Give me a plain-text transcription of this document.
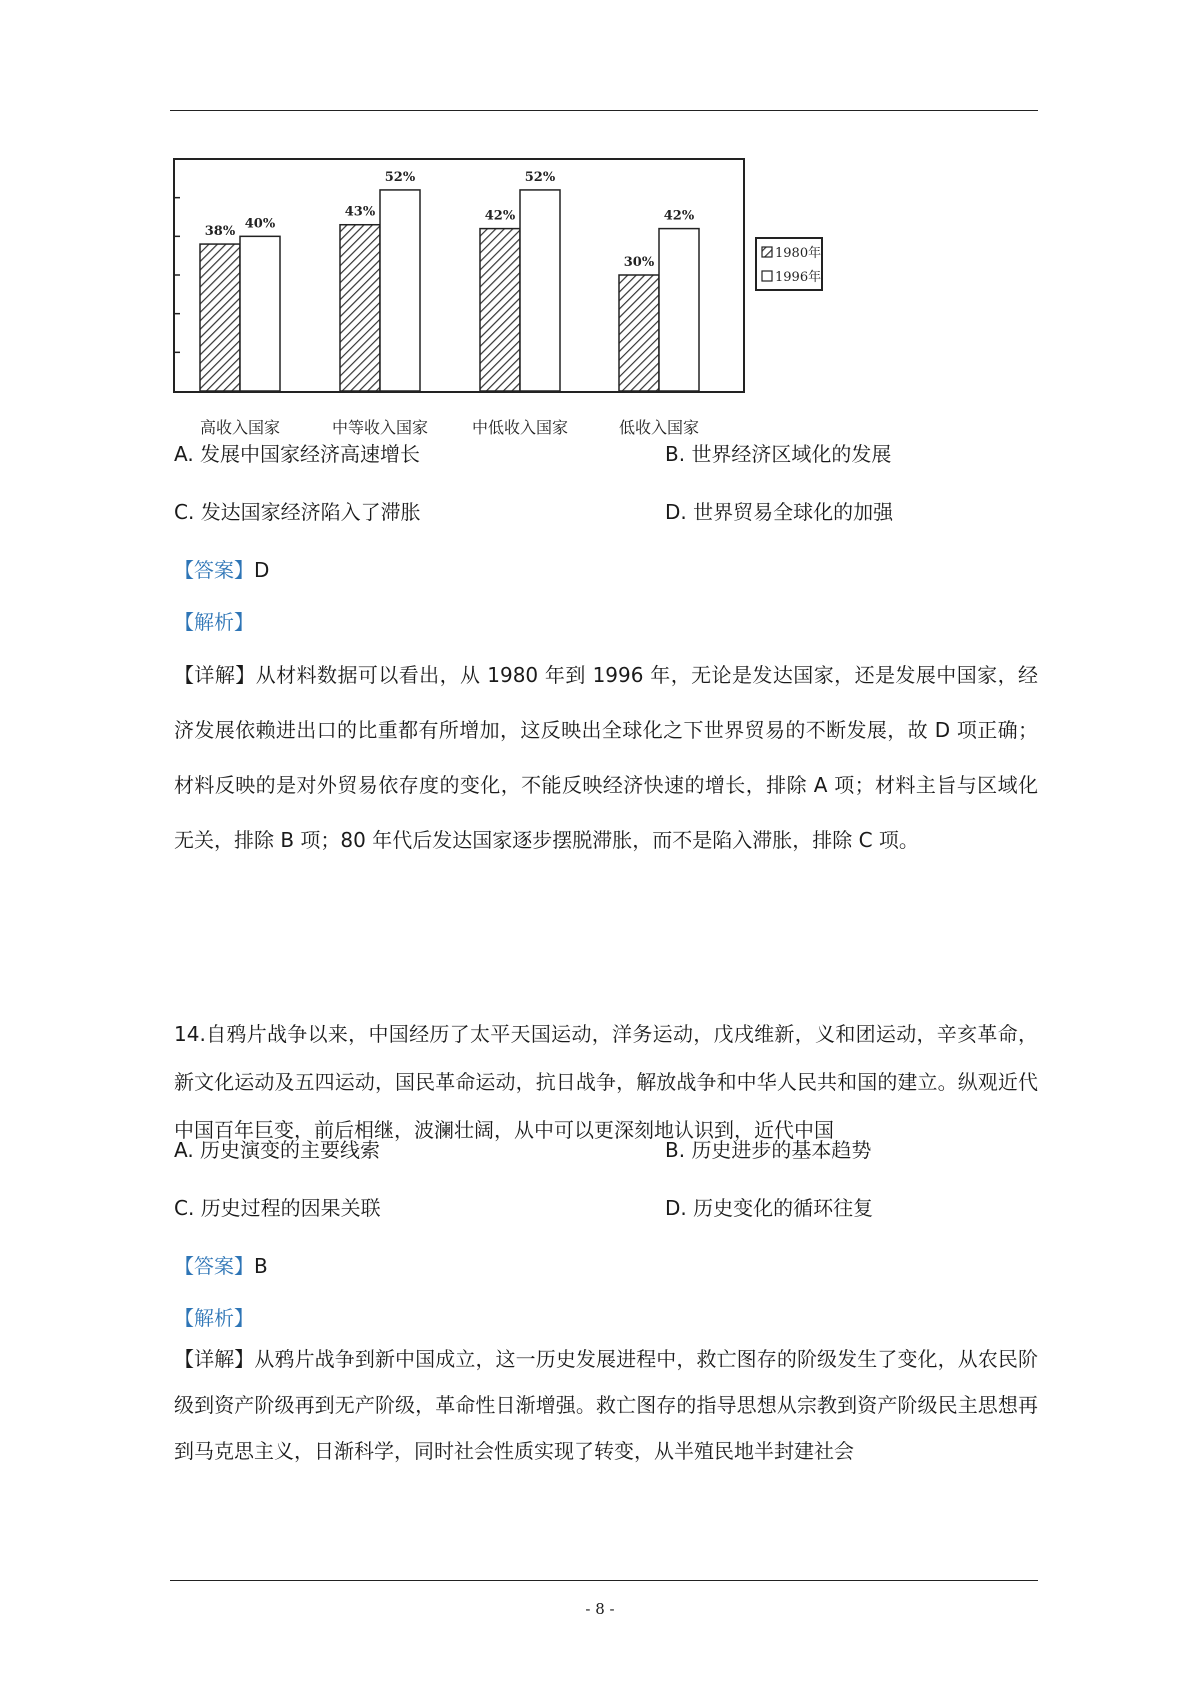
38%
40%
43%
52%
42%
52%
30%
42%
高收入国家	中等收入国家	中低收入国家	低收入国家
1980年
1996年
A. 发展中国家经济高速增长	B. 世界经济区域化的发展
C. 发达国家经济陷入了滞胀	D. 世界贸易全球化的加强
【答案】D
【解析】
【详解】从材料数据可以看出，从 1980 年到 1996 年，无论是发达国家，还是发展中国家，经济发展依赖进出口的比重都有所增加，这反映出全球化之下世界贸易的不断发展，故 D 项正确；材料反映的是对外贸易依存度的变化，不能反映经济快速的增长，排除 A 项；材料主旨与区域化无关，排除 B 项；80 年代后发达国家逐步摆脱滞胀，而不是陷入滞胀，排除 C 项。
14.自鸦片战争以来，中国经历了太平天国运动，洋务运动，戊戌维新，义和团运动，辛亥革命，新文化运动及五四运动，国民革命运动，抗日战争，解放战争和中华人民共和国的建立。纵观近代中国百年巨变，前后相继，波澜壮阔，从中可以更深刻地认识到，近代中国
A. 历史演变的主要线索	B. 历史进步的基本趋势
C. 历史过程的因果关联	D. 历史变化的循环往复
【答案】B
【解析】
【详解】从鸦片战争到新中国成立，这一历史发展进程中，救亡图存的阶级发生了变化，从农民阶级到资产阶级再到无产阶级，革命性日渐增强。救亡图存的指导思想从宗教到资产阶级民主思想再到马克思主义，日渐科学，同时社会性质实现了转变，从半殖民地半封建社会
- 8 -
